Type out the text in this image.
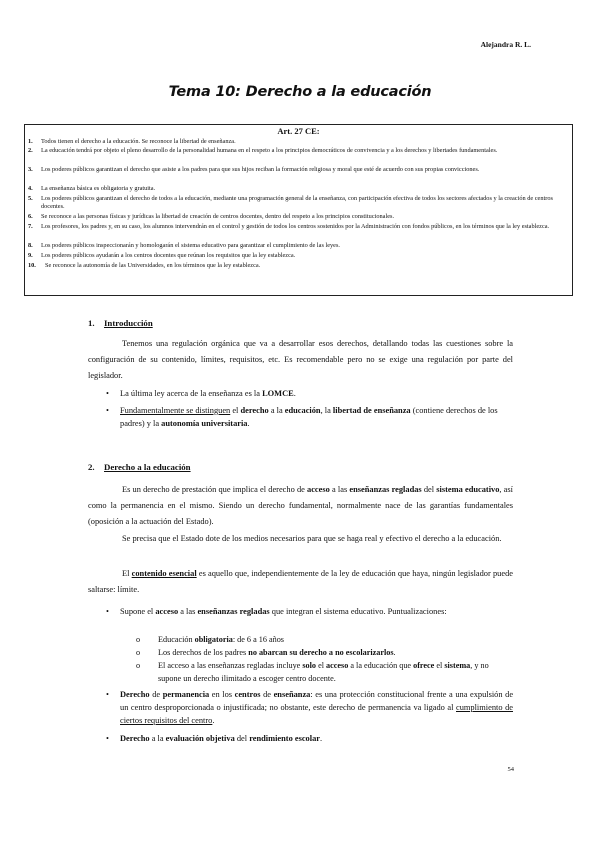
Alejandra R. L.
Tema 10: Derecho a la educación
Art. 27 CE:
1.	Todos tienen el derecho a la educación. Se reconoce la libertad de enseñanza.
2.	La educación tendrá por objeto el pleno desarrollo de la personalidad humana en el respeto a los principios democráticos de convivencia y a los derechos y libertades fundamentales.
3.	Los poderes públicos garantizan el derecho que asiste a los padres para que sus hijos reciban la formación religiosa y moral que esté de acuerdo con sus propias convicciones.
4.	La enseñanza básica es obligatoria y gratuita.
5.	Los poderes públicos garantizan el derecho de todos a la educación, mediante una programación general de la enseñanza, con participación efectiva de todos los sectores afectados y la creación de centros docentes.
6.	Se reconoce a las personas físicas y jurídicas la libertad de creación de centros docentes, dentro del respeto a los principios constitucionales.
7.	Los profesores, los padres y, en su caso, los alumnos intervendrán en el control y gestión de todos los centros sostenidos por la Administración con fondos públicos, en los términos que la ley establezca.
8.	Los poderes públicos inspeccionarán y homologarán el sistema educativo para garantizar el cumplimiento de las leyes.
9.	Los poderes públicos ayudarán a los centros docentes que reúnan los requisitos que la ley establezca.
10.	Se reconoce la autonomía de las Universidades, en los términos que la ley establezca.
1. Introducción
Tenemos una regulación orgánica que va a desarrollar esos derechos, detallando todas las cuestiones sobre la configuración de su contenido, límites, requisitos, etc. Es recomendable pero no se exige una regulación por parte del legislador.
• La última ley acerca de la enseñanza es la LOMCE.
• Fundamentalmente se distinguen el derecho a la educación, la libertad de enseñanza (contiene derechos de los padres) y la autonomía universitaria.
2. Derecho a la educación
Es un derecho de prestación que implica el derecho de acceso a las enseñanzas regladas del sistema educativo, así como la permanencia en el mismo. Siendo un derecho fundamental, normalmente nace de las garantías fundamentales (oposición a la actuación del Estado).
Se precisa que el Estado dote de los medios necesarios para que se haga real y efectivo el derecho a la educación.
El contenido esencial es aquello que, independientemente de la ley de educación que haya, ningún legislador puede saltarse: límite.
• Supone el acceso a las enseñanzas regladas que integran el sistema educativo. Puntualizaciones:
o Educación obligatoria: de 6 a 16 años
o Los derechos de los padres no abarcan su derecho a no escolarizarlos.
o El acceso a las enseñanzas regladas incluye solo el acceso a la educación que ofrece el sistema, y no supone un derecho ilimitado a escoger centro docente.
• Derecho de permanencia en los centros de enseñanza: es una protección constitucional frente a una expulsión de un centro desproporcionada o injustificada; no obstante, este derecho de permanencia va ligado al cumplimiento de ciertos requisitos del centro.
• Derecho a la evaluación objetiva del rendimiento escolar.
54
